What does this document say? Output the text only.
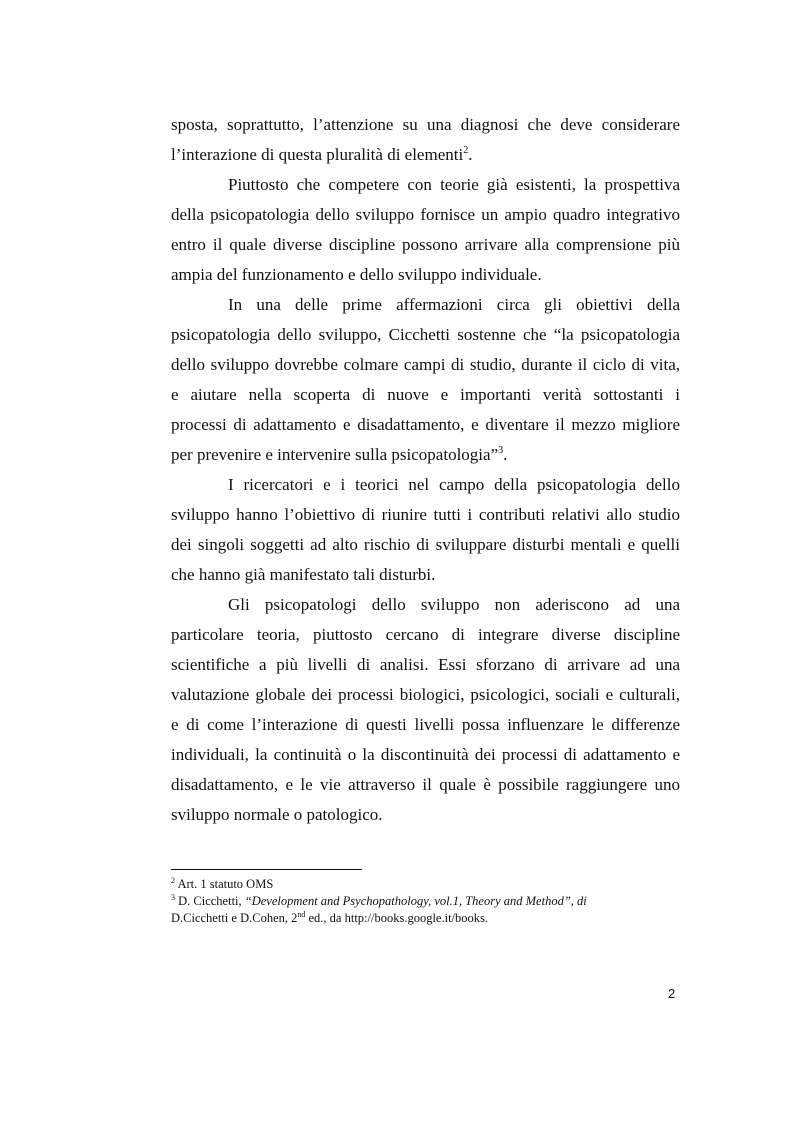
sposta, soprattutto, l’attenzione su una diagnosi che deve considerare
l’interazione di questa pluralità di elementi$^2$.
Piuttosto che competere con teorie già esistenti, la prospettiva
della psicopatologia dello sviluppo fornisce un ampio quadro integrativo
entro il quale diverse discipline possono arrivare alla comprensione più
ampia del funzionamento e dello sviluppo individuale.
In una delle prime affermazioni circa gli obiettivi della
psicopatologia dello sviluppo, Cicchetti sostenne che “la psicopatologia
dello sviluppo dovrebbe colmare campi di studio, durante il ciclo di vita,
e aiutare nella scoperta di nuove e importanti verità sottostanti i
processi di adattamento e disadattamento, e diventare il mezzo migliore
per prevenire e intervenire sulla psicopatologia”$^3$.
I ricercatori e i teorici nel campo della psicopatologia dello
sviluppo hanno l’obiettivo di riunire tutti i contributi relativi allo studio
dei singoli soggetti ad alto rischio di sviluppare disturbi mentali e quelli
che hanno già manifestato tali disturbi.
Gli psicopatologi dello sviluppo non aderiscono ad una
particolare teoria, piuttosto cercano di integrare diverse discipline
scientifiche a più livelli di analisi. Essi sforzano di arrivare ad una
valutazione globale dei processi biologici, psicologici, sociali e culturali,
e di come l’interazione di questi livelli possa influenzare le differenze
individuali, la continuità o la discontinuità dei processi di adattamento e
disadattamento, e le vie attraverso il quale è possibile raggiungere uno
sviluppo normale o patologico.
$^2$ Art. 1 statuto OMS
$^3$ D. Cicchetti, “Development and Psychopathology, vol.1, Theory and Method”, di
D.Cicchetti e D.Cohen, 2nd ed., da http://books.google.it/books.
2
